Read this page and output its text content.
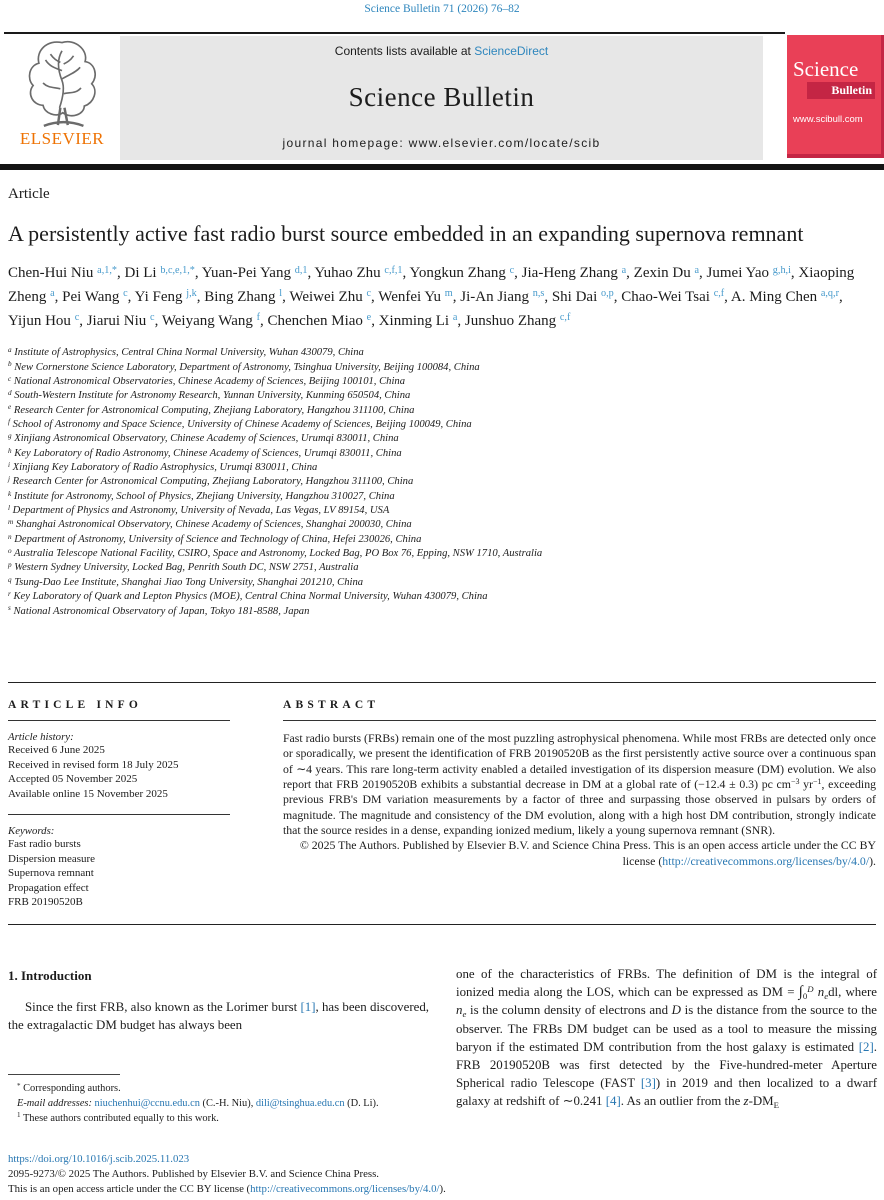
Science Bulletin 71 (2026) 76–82
Contents lists available at ScienceDirect
Science Bulletin
journal homepage: www.elsevier.com/locate/scib
ELSEVIER
Science
Bulletin
www.scibull.com
Article
A persistently active fast radio burst source embedded in an expanding supernova remnant
Chen-Hui Niu $^{a,1,*}$, Di Li $^{b,c,e,1,*}$, Yuan-Pei Yang $^{d,1}$, Yuhao Zhu $^{c,f,1}$, Yongkun Zhang $^c$, Jia-Heng Zhang $^a$, Zexin Du $^a$, Jumei Yao $^{g,h,i}$, Xiaoping Zheng $^a$, Pei Wang $^c$, Yi Feng $^{j,k}$, Bing Zhang $^l$, Weiwei Zhu $^c$, Wenfei Yu $^m$, Ji-An Jiang $^{n,s}$, Shi Dai $^{o,p}$, Chao-Wei Tsai $^{c,f}$, A. Ming Chen $^{a,q,r}$, Yijun Hou $^c$, Jiarui Niu $^c$, Weiyang Wang $^f$, Chenchen Miao $^e$, Xinming Li $^a$, Junshuo Zhang $^{c,f}$
$^a$ Institute of Astrophysics, Central China Normal University, Wuhan 430079, China
$^b$ New Cornerstone Science Laboratory, Department of Astronomy, Tsinghua University, Beijing 100084, China
$^c$ National Astronomical Observatories, Chinese Academy of Sciences, Beijing 100101, China
$^d$ South-Western Institute for Astronomy Research, Yunnan University, Kunming 650504, China
$^e$ Research Center for Astronomical Computing, Zhejiang Laboratory, Hangzhou 311100, China
$^f$ School of Astronomy and Space Science, University of Chinese Academy of Sciences, Beijing 100049, China
$^g$ Xinjiang Astronomical Observatory, Chinese Academy of Sciences, Urumqi 830011, China
$^h$ Key Laboratory of Radio Astronomy, Chinese Academy of Sciences, Urumqi 830011, China
$^i$ Xinjiang Key Laboratory of Radio Astrophysics, Urumqi 830011, China
$^j$ Research Center for Astronomical Computing, Zhejiang Laboratory, Hangzhou 311100, China
$^k$ Institute for Astronomy, School of Physics, Zhejiang University, Hangzhou 310027, China
$^l$ Department of Physics and Astronomy, University of Nevada, Las Vegas, LV 89154, USA
$^m$ Shanghai Astronomical Observatory, Chinese Academy of Sciences, Shanghai 200030, China
$^n$ Department of Astronomy, University of Science and Technology of China, Hefei 230026, China
$^o$ Australia Telescope National Facility, CSIRO, Space and Astronomy, Locked Bag, PO Box 76, Epping, NSW 1710, Australia
$^p$ Western Sydney University, Locked Bag, Penrith South DC, NSW 2751, Australia
$^q$ Tsung-Dao Lee Institute, Shanghai Jiao Tong University, Shanghai 201210, China
$^r$ Key Laboratory of Quark and Lepton Physics (MOE), Central China Normal University, Wuhan 430079, China
$^s$ National Astronomical Observatory of Japan, Tokyo 181-8588, Japan
ARTICLE INFO
Article history:
Received 6 June 2025
Received in revised form 18 July 2025
Accepted 05 November 2025
Available online 15 November 2025
Keywords:
Fast radio bursts
Dispersion measure
Supernova remnant
Propagation effect
FRB 20190520B
ABSTRACT
Fast radio bursts (FRBs) remain one of the most puzzling astrophysical phenomena. While most FRBs are detected only once or sporadically, we present the identification of FRB 20190520B as the first persistently active source over a continuous span of ∼4 years. This rare long-term activity enabled a detailed investigation of its dispersion measure (DM) evolution. We also report that FRB 20190520B exhibits a substantial decrease in DM at a global rate of (−12.4 ± 0.3) pc $cm^{-3}$ $yr^{-1}$, exceeding previous FRB's DM variation measurements by a factor of three and surpassing those observed in pulsars by orders of magnitude. The magnitude and consistency of the DM evolution, along with a high host DM contribution, strongly indicate that the source resides in a dense, expanding ionized medium, likely a young supernova remnant (SNR).
© 2025 The Authors. Published by Elsevier B.V. and Science China Press. This is an open access article under the CC BY license (http://creativecommons.org/licenses/by/4.0/).
1. Introduction
Since the first FRB, also known as the Lorimer burst [1], has been discovered, the extragalactic DM budget has always been
* Corresponding authors.
E-mail addresses: niuchenhui@ccnu.edu.cn (C.-H. Niu), dili@tsinghua.edu.cn (D. Li).
$^1$ These authors contributed equally to this work.
one of the characteristics of FRBs. The definition of DM is the integral of ionized media along the LOS, which can be expressed as DM = $\int 0^D$ nedl, where ne is the column density of electrons and D is the distance from the source to the observer. The FRBs DM budget can be used as a tool to measure the missing baryon if the estimated DM contribution from the host galaxy is estimated [2]. FRB 20190520B was first detected by the Five-hundred-meter Aperture Spherical radio Telescope (FAST [3]) in 2019 and then localized to a dwarf galaxy at redshift of ∼0.241 [4]. As an outlier from the z-DME
https://doi.org/10.1016/j.scib.2025.11.023
2095-9273/© 2025 The Authors. Published by Elsevier B.V. and Science China Press.
This is an open access article under the CC BY license (http://creativecommons.org/licenses/by/4.0/).
